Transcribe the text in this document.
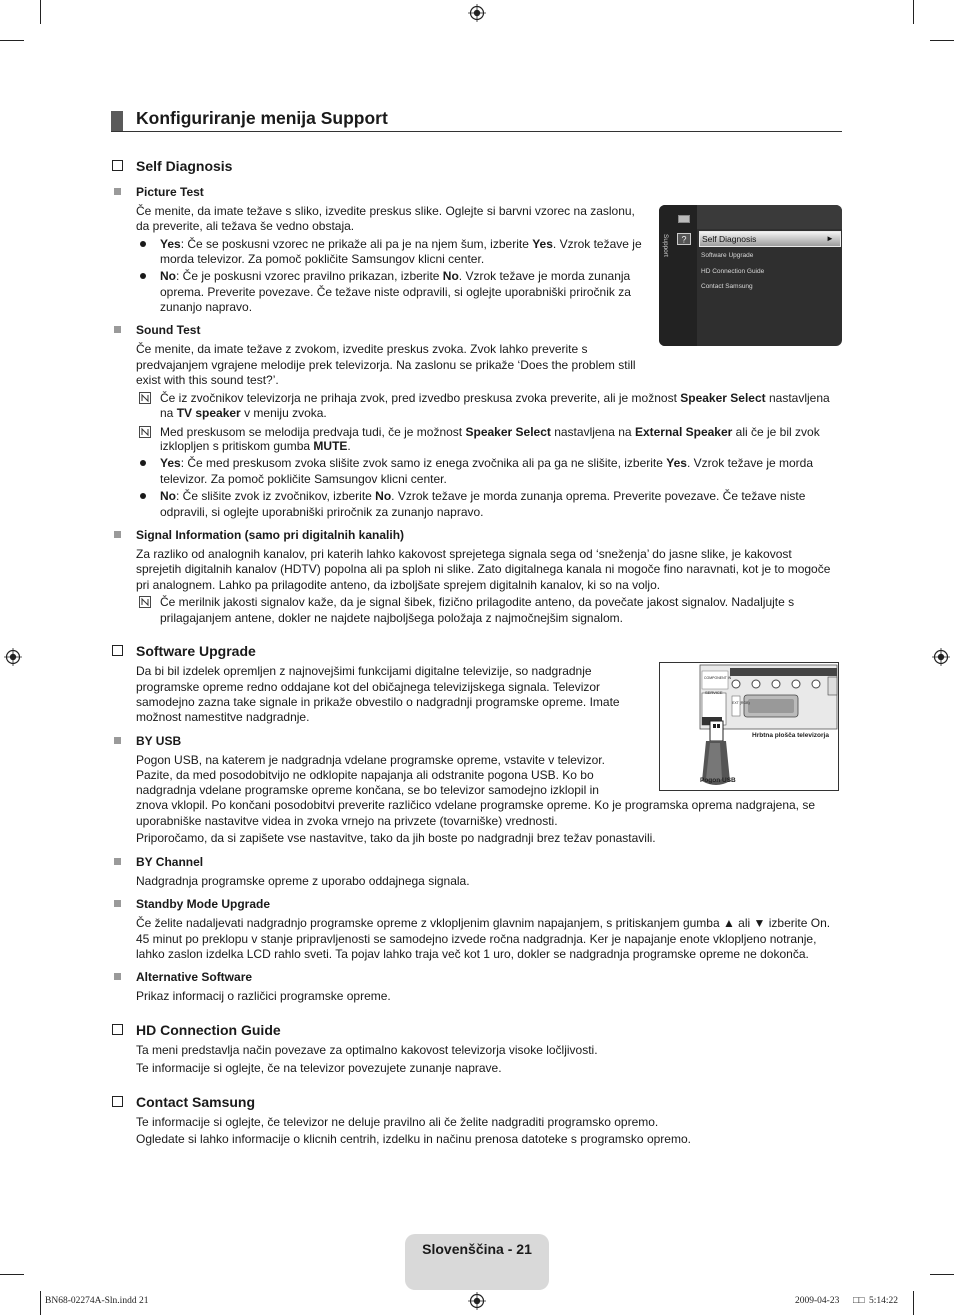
Konfiguriranje menija Support
Self Diagnosis
Picture Test
Če menite, da imate težave s sliko, izvedite preskus slike. Oglejte si barvni vzorec na zaslonu,
da preverite, ali težava še vedno obstaja.
Yes: Če se poskusni vzorec ne prikaže ali pa je na njem šum, izberite Yes. Vzrok težave je
morda televizor. Za pomoč pokličite Samsungov klicni center.
No: Če je poskusni vzorec pravilno prikazan, izberite No. Vzrok težave je morda zunanja
oprema. Preverite povezave. Če težave niste odpravili, si oglejte uporabniški priročnik za
zunanjo napravo.
?
Support	Self Diagnosis	►
Software Upgrade
HD Connection Guide
Contact Samsung
Sound Test
Če menite, da imate težave z zvokom, izvedite preskus zvoka. Zvok lahko preverite s
predvajanjem vgrajene melodije prek televizorja. Na zaslonu se prikaže ‘Does the problem still
exist with this sound test?’.
Če iz zvočnikov televizorja ne prihaja zvok, pred izvedbo preskusa zvoka preverite, ali je možnost Speaker Select nastavljena
na TV speaker v meniju zvoka.
Med preskusom se melodija predvaja tudi, če je možnost Speaker Select nastavljena na External Speaker ali če je bil zvok
izklopljen s pritiskom gumba MUTE.
Yes: Če med preskusom zvoka slišite zvok samo iz enega zvočnika ali pa ga ne slišite, izberite Yes. Vzrok težave je morda
televizor. Za pomoč pokličite Samsungov klicni center.
No: Če slišite zvok iz zvočnikov, izberite No. Vzrok težave je morda zunanja oprema. Preverite povezave. Če težave niste
odpravili, si oglejte uporabniški priročnik za zunanjo napravo.
Signal Information (samo pri digitalnih kanalih)
Za razliko od analognih kanalov, pri katerih lahko kakovost sprejetega signala sega od ‘sneženja’ do jasne slike, je kakovost
sprejetih digitalnih kanalov (HDTV) popolna ali pa sploh ni slike. Zato digitalnega kanala ni mogoče fino naravnati, kot je to mogoče
pri analognem. Lahko pa prilagodite anteno, da izboljšate sprejem digitalnih kanalov, ki so na voljo.
Če merilnik jakosti signalov kaže, da je signal šibek, fizično prilagodite anteno, da povečate jakost signalov. Nadaljujte s
prilagajanjem antene, dokler ne najdete najboljšega položaja z najmočnejšim signalom.
Software Upgrade
Da bi bil izdelek opremljen z najnovejšimi funkcijami digitalne televizije, so nadgradnje
programske opreme redno oddajane kot del običajnega televizijskega signala. Televizor
samodejno zazna take signale in prikaže obvestilo o nadgradnji programske opreme. Imate
možnost namestitve nadgradnje.
SERVICE
COMPONENT IN
EXT (RGB)
Hrbtna plošča televizorja
Pogon USB
BY USB
Pogon USB, na katerem je nadgradnja vdelane programske opreme, vstavite v televizor.
Pazite, da med posodobitvijo ne odklopite napajanja ali odstranite pogona USB. Ko bo
nadgradnja vdelane programske opreme končana, se bo televizor samodejno izklopil in
znova vklopil. Po končani posodobitvi preverite različico vdelane programske opreme. Ko je programska oprema nadgrajena, se
uporabniške nastavitve videa in zvoka vrnejo na privzete (tovarniške) vrednosti.
Priporočamo, da si zapišete vse nastavitve, tako da jih boste po nadgradnji brez težav ponastavili.
BY Channel
Nadgradnja programske opreme z uporabo oddajnega signala.
Standby Mode Upgrade
Če želite nadaljevati nadgradnjo programske opreme z vklopljenim glavnim napajanjem, s pritiskanjem gumba ▲ ali ▼ izberite On.
45 minut po preklopu v stanje pripravljenosti se samodejno izvede ročna nadgradnja. Ker je napajanje enote vklopljeno notranje,
lahko zaslon izdelka LCD rahlo sveti. Ta pojav lahko traja več kot 1 uro, dokler se nadgradnja programske opreme ne dokonča.
Alternative Software
Prikaz informacij o različici programske opreme.
HD Connection Guide
Ta meni predstavlja način povezave za optimalno kakovost televizorja visoke ločljivosti.
Te informacije si oglejte, če na televizor povezujete zunanje naprave.
Contact Samsung
Te informacije si oglejte, če televizor ne deluje pravilno ali če želite nadgraditi programsko opremo.
Ogledate si lahko informacije o klicnih centrih, izdelku in načinu prenosa datoteke s programsko opremo.
Slovenščina - 21
BN68-02274A-Sln.indd 21	2009-04-23 □□ 5:14:22
